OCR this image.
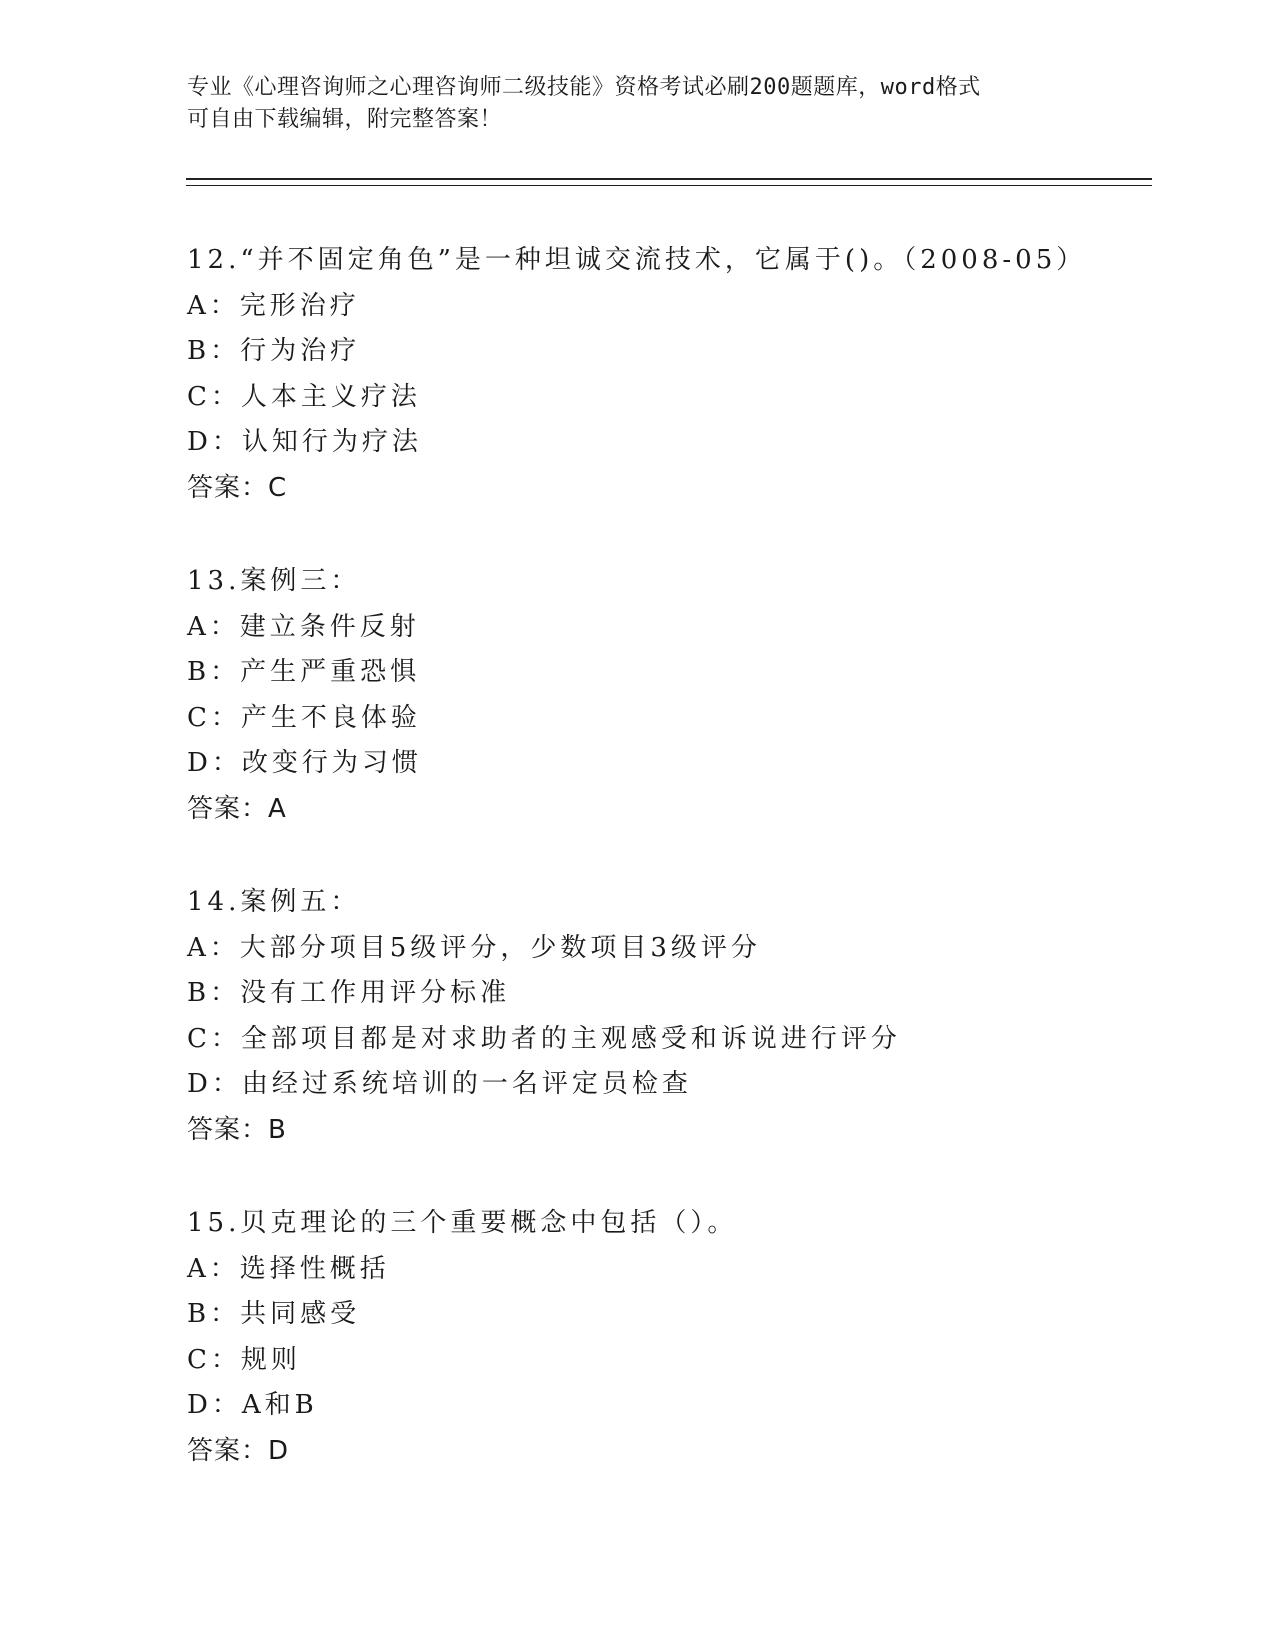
专业《心理咨询师之心理咨询师二级技能》资格考试必刷200题题库，word格式
可自由下载编辑，附完整答案！
12.“并不固定角色”是一种坦诚交流技术，它属于()。（2008-05）
A：完形治疗
B：行为治疗
C：人本主义疗法
D：认知行为疗法
答案：C
13.案例三：
A：建立条件反射
B：产生严重恐惧
C：产生不良体验
D：改变行为习惯
答案：A
14.案例五：
A：大部分项目5级评分，少数项目3级评分
B：没有工作用评分标准
C：全部项目都是对求助者的主观感受和诉说进行评分
D：由经过系统培训的一名评定员检查
答案：B
15.贝克理论的三个重要概念中包括（）。
A：选择性概括
B：共同感受
C：规则
D：A和B
答案：D
